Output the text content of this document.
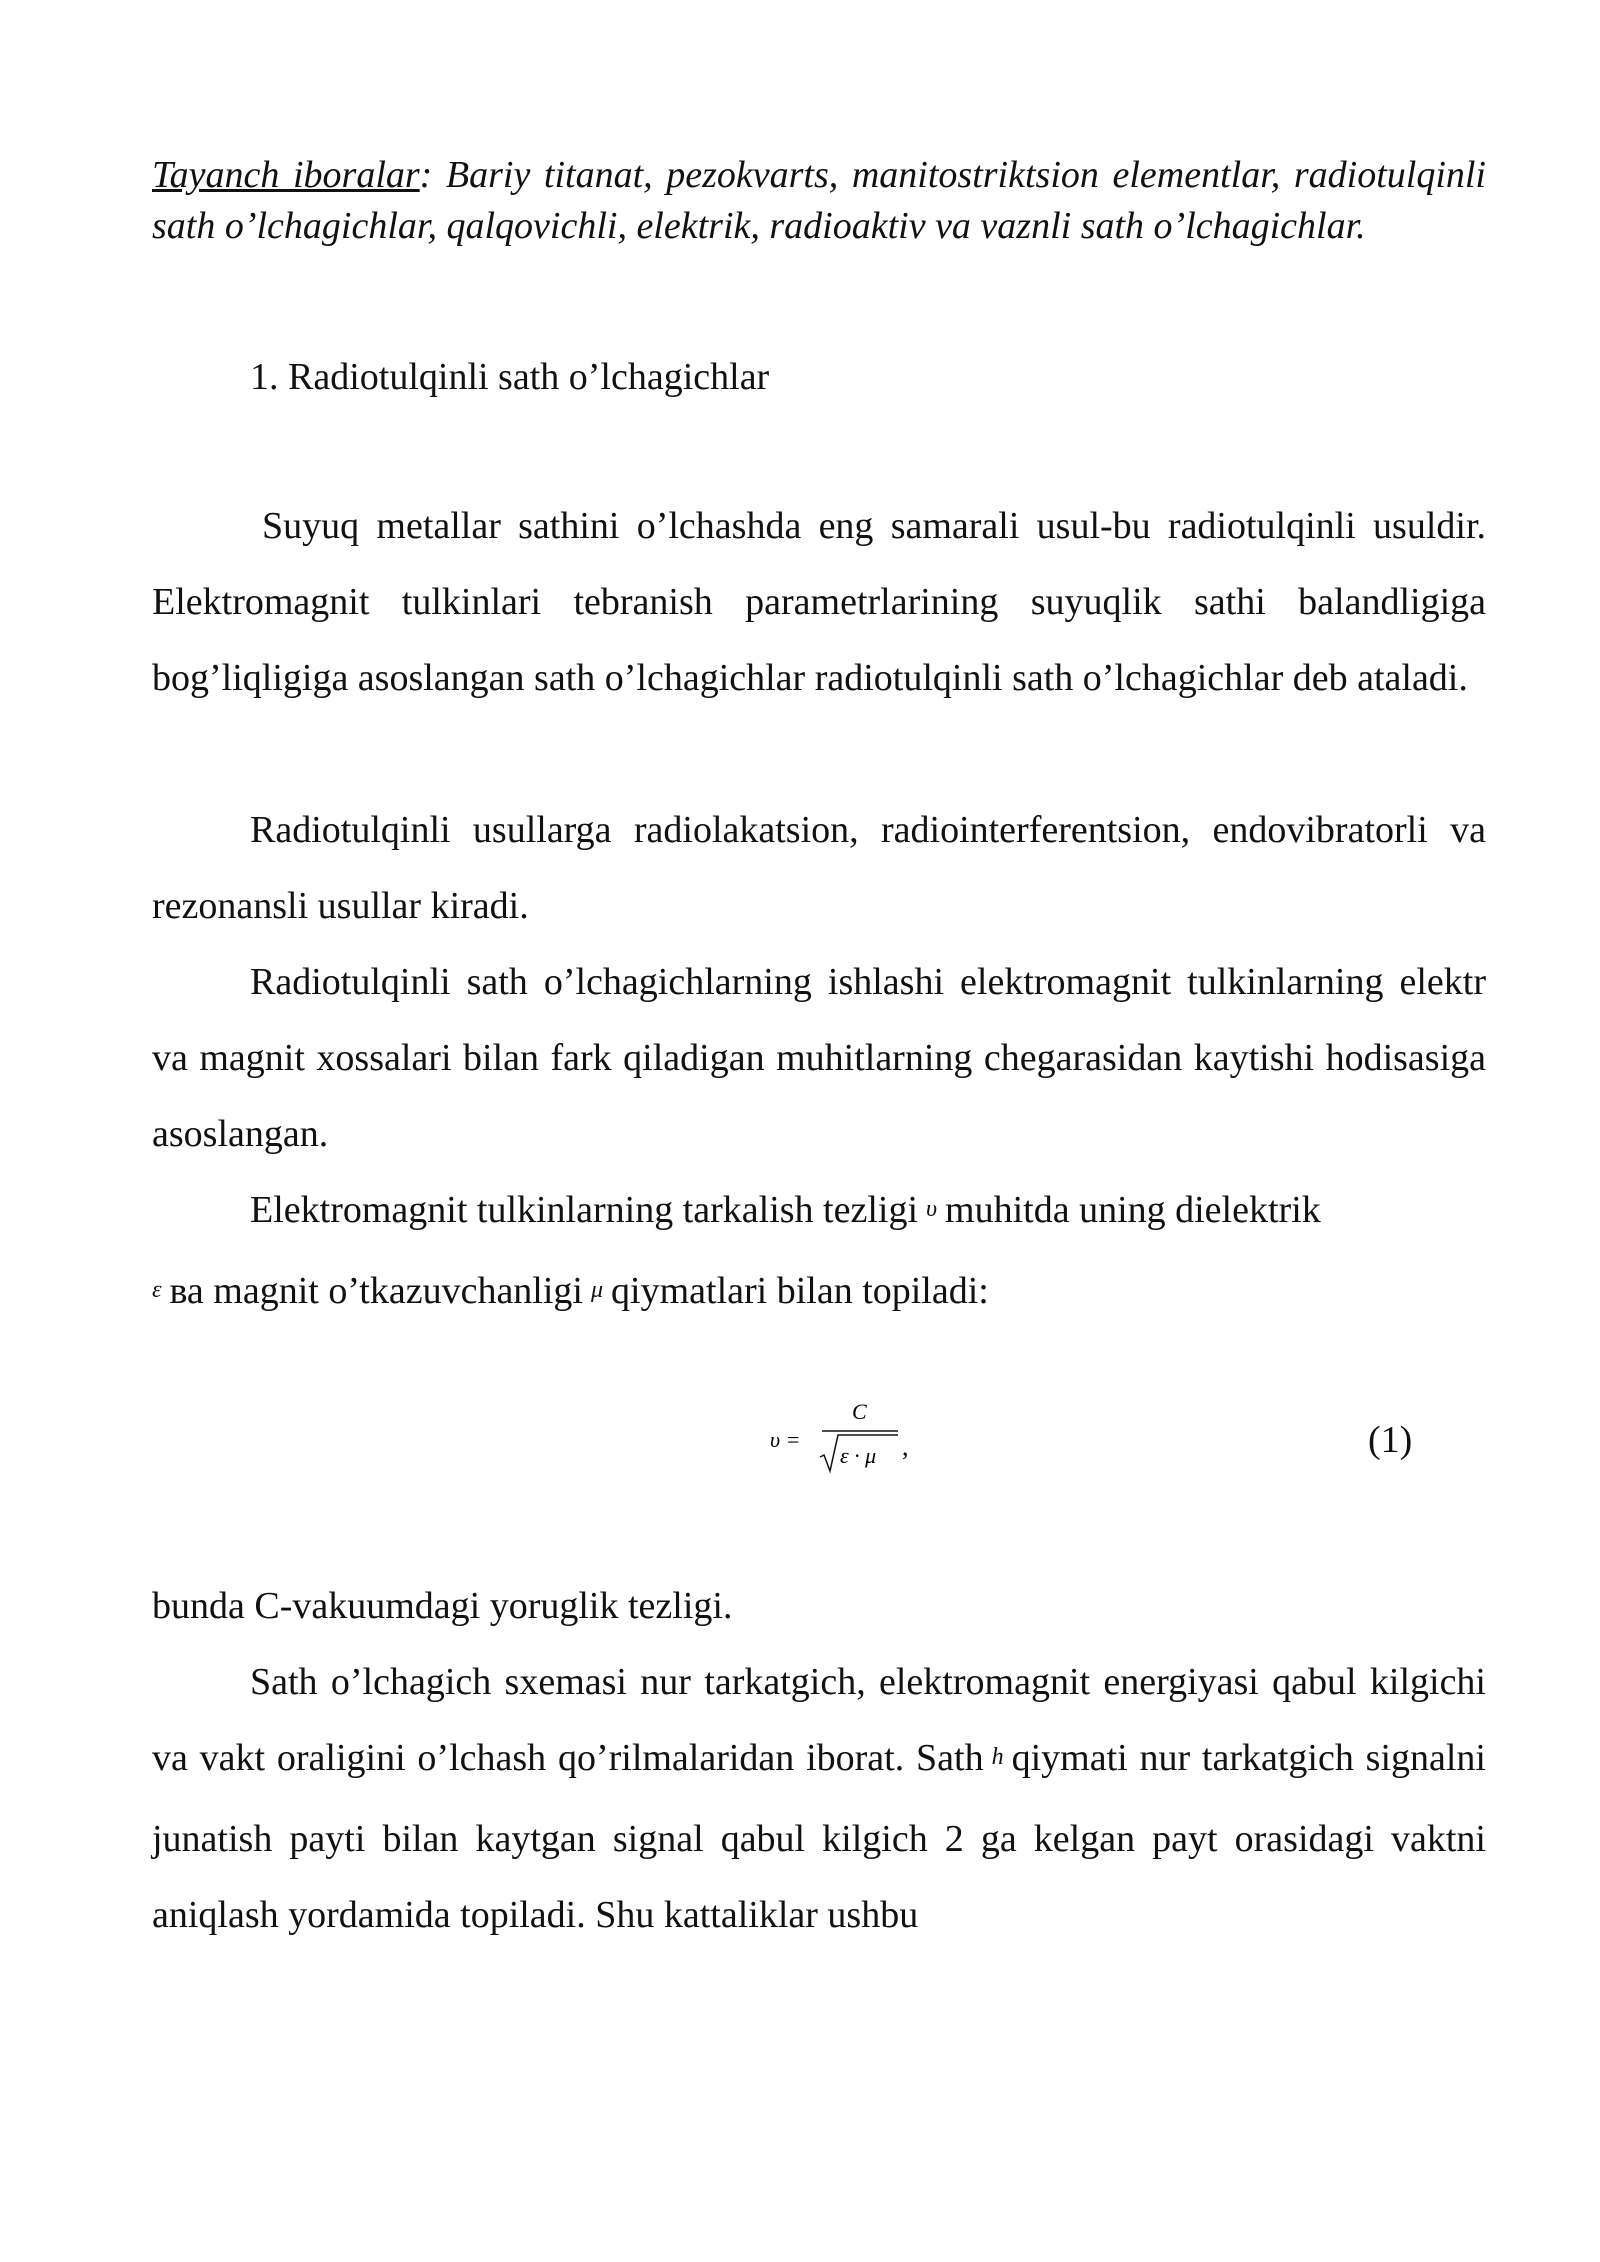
Tayanch iboralar: Bariy titanat, pezokvarts, manitostriktsion elementlar, radiotulqinli sath o’lchagichlar, qalqovichli, elektrik, radioaktiv va vaznli sath o’lchagichlar.
1. Radiotulqinli sath o’lchagichlar
Suyuq metallar sathini o’lchashda eng samarali usul-bu radiotulqinli usuldir. Elektromagnit tulkinlari tebranish parametrlarining suyuqlik sathi balandligiga bog’liqligiga asoslangan sath o’lchagichlar radiotulqinli sath o’lchagichlar deb ataladi.
Radiotulqinli usullarga radiolakatsion, radiointerferentsion, endovibratorli va rezonansli usullar kiradi.
Radiotulqinli sath o’lchagichlarning ishlashi elektromagnit tulkinlarning elektr va magnit xossalari bilan fark qiladigan muhitlarning chegarasidan kaytishi hodisasiga asoslangan.
Elektromagnit tulkinlarning tarkalish tezligi υ muhitda uning dielektrik
ε ва magnit o’tkazuvchanligi μ qiymatlari bilan topiladi:
υ =
C
ε · μ ,	(1)
bunda C-vakuumdagi yoruglik tezligi.
Sath o’lchagich sxemasi nur tarkatgich, elektromagnit energiyasi qabul kilgichi va vakt oraligini o’lchash qo’rilmalaridan iborat. Sath h qiymati nur tarkatgich signalni junatish payti bilan kaytgan signal qabul kilgich 2 ga kelgan payt orasidagi vaktni aniqlash yordamida topiladi. Shu kattaliklar ushbu
